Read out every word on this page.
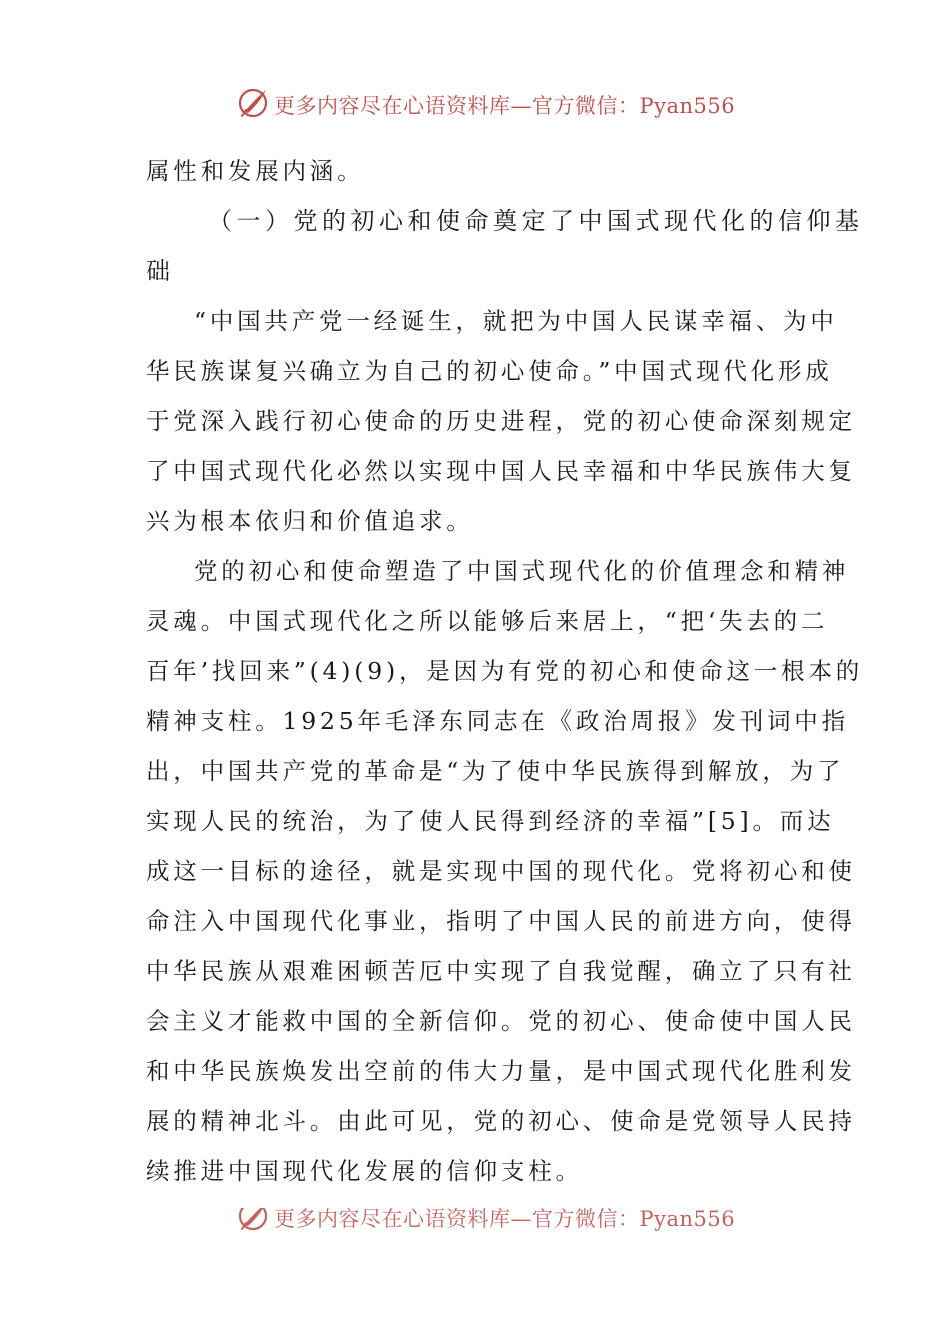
更多内容尽在心语资料库—官方微信：Pyan556
属性和发展内涵。
（一）党的初心和使命奠定了中国式现代化的信仰基
础
“中国共产党一经诞生，就把为中国人民谋幸福、为中
华民族谋复兴确立为自己的初心使命。”中国式现代化形成
于党深入践行初心使命的历史进程，党的初心使命深刻规定
了中国式现代化必然以实现中国人民幸福和中华民族伟大复
兴为根本依归和价值追求。
党的初心和使命塑造了中国式现代化的价值理念和精神
灵魂。中国式现代化之所以能够后来居上，“把‘失去的二
百年’找回来”(4)(9)，是因为有党的初心和使命这一根本的
精神支柱。1925年毛泽东同志在《政治周报》发刊词中指
出，中国共产党的革命是“为了使中华民族得到解放，为了
实现人民的统治，为了使人民得到经济的幸福”[5]。而达
成这一目标的途径，就是实现中国的现代化。党将初心和使
命注入中国现代化事业，指明了中国人民的前进方向，使得
中华民族从艰难困顿苦厄中实现了自我觉醒，确立了只有社
会主义才能救中国的全新信仰。党的初心、使命使中国人民
和中华民族焕发出空前的伟大力量，是中国式现代化胜利发
展的精神北斗。由此可见，党的初心、使命是党领导人民持
续推进中国现代化发展的信仰支柱。
更多内容尽在心语资料库—官方微信：Pyan556
